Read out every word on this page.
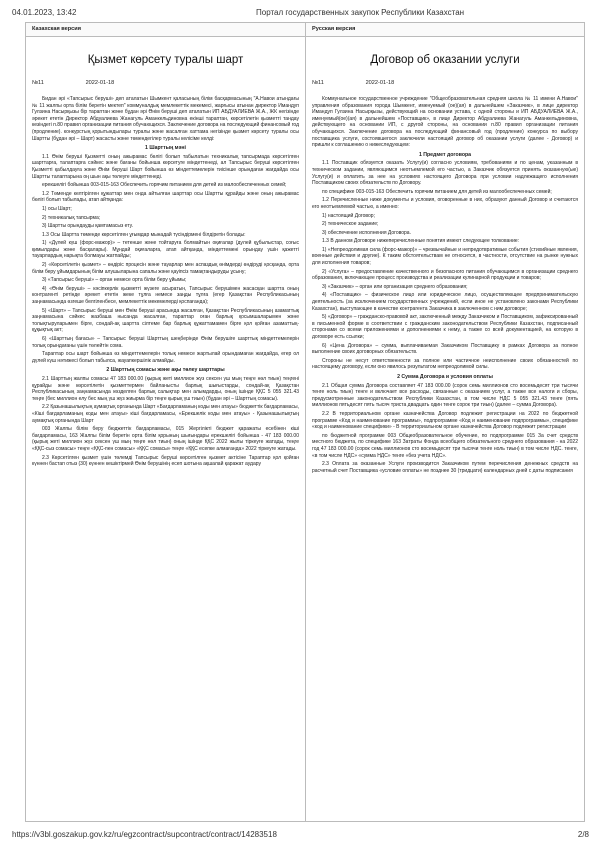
04.01.2023, 13:42	Портал государственных закупок Республики Казахстан
Казахская версия
Қызмет көрсету туралы шарт
№11	2022-01-18

Бидан әрі «Тапсырыс беруші» деп аталатын Шымкент қаласының білім басқармасының "А.Навои атындағы № 11 жалпы орта білім беретін мектеп" коммуналдық мемлекеттік мекемесі, жарғысы атынан директор Имандуп Гулзина Насырқызы бір тараптан және бұдан әрі Өнім беруші деп аталатын ИП АБДУАЛИЕВА Ж.А., ЖК негізінде әрекет ететін Директор Абдуалиева Жанагуль Аманкельдиновна екінші тараптан, көрсетілетін қызметті тандау кезіндегі п.80 правил организации питания обучающихся. Заключение договора на последующий финансовый год (продление). конкурстың қорытындылары туралы және жасалған хаттама негізінде қызмет көрсету туралы осы Шартты (бұдан әрі – Шарт) жасасты және төмендегілер туралы келісіме келді:

1 Шарттың мәні

1.1 Өнім беруші Қызметті оның ажырамас бөлігі болып табылатын техникалық тапсырмада көрсетілген шарттарға, талаптарға сәйкес және бағаны бойынша көрсетуге міндеттенеді, ал Тапсырыс беруші көрсетілген Қызметті қабылдауға және Өнім беруші Шарт бойынша өз міндеттемелерін тиісінше орындаған жағдайда осы Шартты талаптарына оң шын ақы төлеуге міндеттенеді.

ерекшелігі бойынша 003-015-163 Обеспечить горячим питанием для детей из малообеспеченных семей;

1.2 Төменде келтірілген құжаттар мен онда айтылған шарттар осы Шартты құрайды және оның ажырамас бөлігі болып табылады, атап айтқанда:

1) осы Шарт;

2) техникалық тапсырма;

3) Шартты орындауды қамтамасыз ету.

1.3 Осы Шартта төменде көрсетілген ұғымдар мынадай түсіндірмені білдіретін болады:

1) «Дүлей күш (форс-мажор)» – тетенше және тойтаруға болмайтын оқиғалар (дүлей құбылыстар, соғыс қимылдары және басқалары). Мұндай оқиғаларға, атап айтқанда, міндеттемені орындау үшін қажетті тауарлардың нарықта болмауы жатпайды;

2) «Көрсетілетін қызмет» – өндіріс процесін және тауарлар мен аспаздық өнімдерді өндіруді қосқанда, орта білім беру ұйымдарының білім алушыларына сапалы және қауіпсіз тамақтандыруды ұсыну;

3) «Тапсырыс беруші» – орган немесе орта білім беру ұйымы;

4) «Өнім беруші» – кәсіпкерлік қызметті жүзеге асыратын, Тапсырыс берушімен жасасқан шартта оның контрагенті ретінде әрекет ететін жеке тұлға немесе заңды тұлға (егер Қазақстан Республикасының заңнамасында өзгеше белгіленбесе, мемлекеттік мекемелерді қоспағанда);

5) «Шарт» – Тапсырыс беруші мен Өнім беруші арасында жасалған, Қазақстан Республикасының азаматтық заңнамасына сәйкес жазбаша нысанда жасалған, тараптар оған барлық қосымшаларымен және толықтыруларымен бірге, сондай-ақ шартта сілтеме бар барлық құжаттамамен бірге қол қойған азаматтық-құқықтық акт;

6) «Шарттың бағасы» – Тапсырыс беруші Шарттың шеңберінде Өнім берушіге шарттық міндеттемелерін толық орындағаны үшін төлейтін сома.

Тараптар осы шарт бойынша өз міндеттемелерін толық немесе жартылай орындамаған жағдайда, егер ол дүлей күш нәтижесі болып табылса, жауапкершілік алмайды.

2 Шарттың сомасы және ақы төлеу шарттары

2.1 Шарттың жалпы сомасы 47 183 000.00 (қырық жеті миллион жүз сексен үш мың теңге нөл тиын) теңгені құрайды және көрсетілетін қызметтермен байланысты барлық шығыстарды, сондай-ақ Қазақстан Республикасының заңнамасында көзделген барлық салықтар мен алымдарды, оның ішінде ҚҚС 5 055 321.43 теңге (бес миллион елу бес мың үш жүз жиырма бір теңге қырық үш тиын) (бұдан әрі – Шарттың сомасы).

2.2 Қазынашылықтың аумақтық органында Шарт «Бағдарламаның коды мен атауы» бюджеттік бағдарламасы, «Кіші бағдарламаның коды мен атауы» кіші бағдарламасы, «Ерекшелік коды мен атауы» - Қазынашылықтың аумақтық органында Шарт

003 Жалпы білім беру бюджеттік бағдарламасы, 015 Жергілікті бюджет қаражаты есебінен кіші бағдарламасы, 163 Жалпы білім беретін орта білім қорының шығындары ерекшелігі бойынша - 47 183 000.00 (қырық жеті миллион жүз сексен үш мың теңге нөл тиын) оның ішінде ҚҚС 2022 жылы тіркеуге жатады, теңге «ҚҚС-сыз сомасы» теңге «ҚҚС-пен сомасы» «ҚҚС сомасы» теңге «ҚҚС есепке алмағанда» 2022 тіркеуге жатады.

2.3 Көрсетілген қызмет үшін төлемді Тапсырыс беруші көрсетілген қызмет актісіне Тараптар қол қойған күннен бастап отыз (30) күннен кешіктірмей Өнім берушінің есеп шотына ақшалай қаражат аудару

Русская версия
Договор об оказании услуги
№11	2022-01-18

Коммунальное государственное учреждение "Общеобразовательная средняя школа № 11 имени А.Навои" управления образования города Шымкент, именуемый (ое)(ая) в дальнейшем «Заказчик», в лице директор Имандуп Гулзина Насырқызы, действующий на основании устава, с одной стороны и ИП АБДУАЛИЕВА Ж.А., именуемый(ое)(ая) в дальнейшем «Поставщик», в лице Директор Абдуалиева Жанагуль Аманкельдиновна, действующего на основании ИП, с другой стороны, на основании п.80 правил организации питания обучающихся. Заключение договора на последующий финансовый год (продление) конкурса по выбору поставщика услуги, состоявшегося заключили настоящий договор об оказании услуги (далее - Договор) и пришли к соглашению о нижеследующем:

1 Предмет договора

1.1 Поставщик обязуется оказать Услугу(и) согласно условиям, требованиям и по ценам, указанным в техническом задании, являющимся неотъемлемой его частью, а Заказчик обязуется принять оказанную(ые) Услугу(и) и оплатить за нее на условиях настоящего Договора при условии надлежащего исполнения Поставщиком своих обязательств по Договору.

по специфике 003-015-163 Обеспечить горячим питанием для детей из малообеспеченных семей;

1.2 Перечисленные ниже документы и условия, оговоренные в них, образуют данный Договор и считаются его неотъемлемой частью, а именно:

1) настоящий Договор;

2) техническое задание;

3) обеспечение исполнения Договора.

1.3 В данном Договоре нижеперечисленные понятия имеют следующее толкование:

1) «Непреодолимая сила (форс-мажор)» – чрезвычайные и непредотвратимые события (стихийные явления, военные действия и другие). К таким обстоятельствам не относится, в частности, отсутствие на рынке нужных для исполнения товаров;

2) «Услуга» – предоставление качественного и безопасного питания обучающимся в организации среднего образования, включающее процесс производства и реализации кулинарной продукции и товаров;

3) «Заказчик» – орган или организация среднего образования;

4) «Поставщик» – физическое лицо или юридическое лицо, осуществляющее предпринимательскую деятельность (за исключением государственных учреждений, если иное не установлено законами Республики Казахстан), выступающее в качестве контрагента Заказчика в заключенном с ним договоре;

5) «Договор» – гражданско-правовой акт, заключенный между Заказчиком и Поставщиком, зафиксированный в письменной форме в соответствии с гражданским законодательством Республики Казахстан, подписанный сторонами со всеми приложениями и дополнениями к нему, а также со всей документацией, на которую в договоре есть ссылки;

6) «Цена Договора» – сумма, выплачиваемая Заказчиком Поставщику в рамках Договора за полное выполнение своих договорных обязательств.

Стороны не несут ответственности за полное или частичное неисполнение своих обязанностей по настоящему договору, если оно явилось результатом непреодолимой силы.

2 Сумма Договора и условия оплаты

2.1 Общая сумма Договора составляет 47 183 000.00 (сорок семь миллионов сто восемьдесят три тысячи тенге ноль тиын) тенге и включает все расходы, связанные с оказанием услуг, а также все налоги и сборы, предусмотренные законодательством Республики Казахстан, в том числе НДС 5 055 321.43 тенге (пять миллионов пятьдесят пять тысяч триста двадцать один тенге сорок три тиын) (далее – сумма Договора).

2.2 В территориальном органе казначейства Договор подлежит регистрации на 2022 по бюджетной программе «Код и наименование программы», подпрограмме «Код и наименование подпрограммы», специфике «код и наименование специфики» - В территориальном органе казначейства Договор подлежит регистрации

по бюджетной программе 003 Общеобразовательное обучение, по подпрограмме 015 За счет средств местного бюджета, по специфике 163 Затраты Фонда всеобщего обязательного среднего образования - на 2022 год 47 183 000.00 (сорок семь миллионов сто восемьдесят три тысячи тенге ноль тиын) в том числе НДС. тенге, «в том числе НДС» «сумма НДС» тенге «без учета НДС».

2.3 Оплата за оказанные Услуги производится Заказчиком путем перечисления денежных средств на расчетный счет Поставщика «условие оплаты» не позднее 30 (тридцати) календарных дней с даты подписания

https://v3bl.goszakup.gov.kz/ru/egzcontract/supcontract/contract/14283518	2/8
